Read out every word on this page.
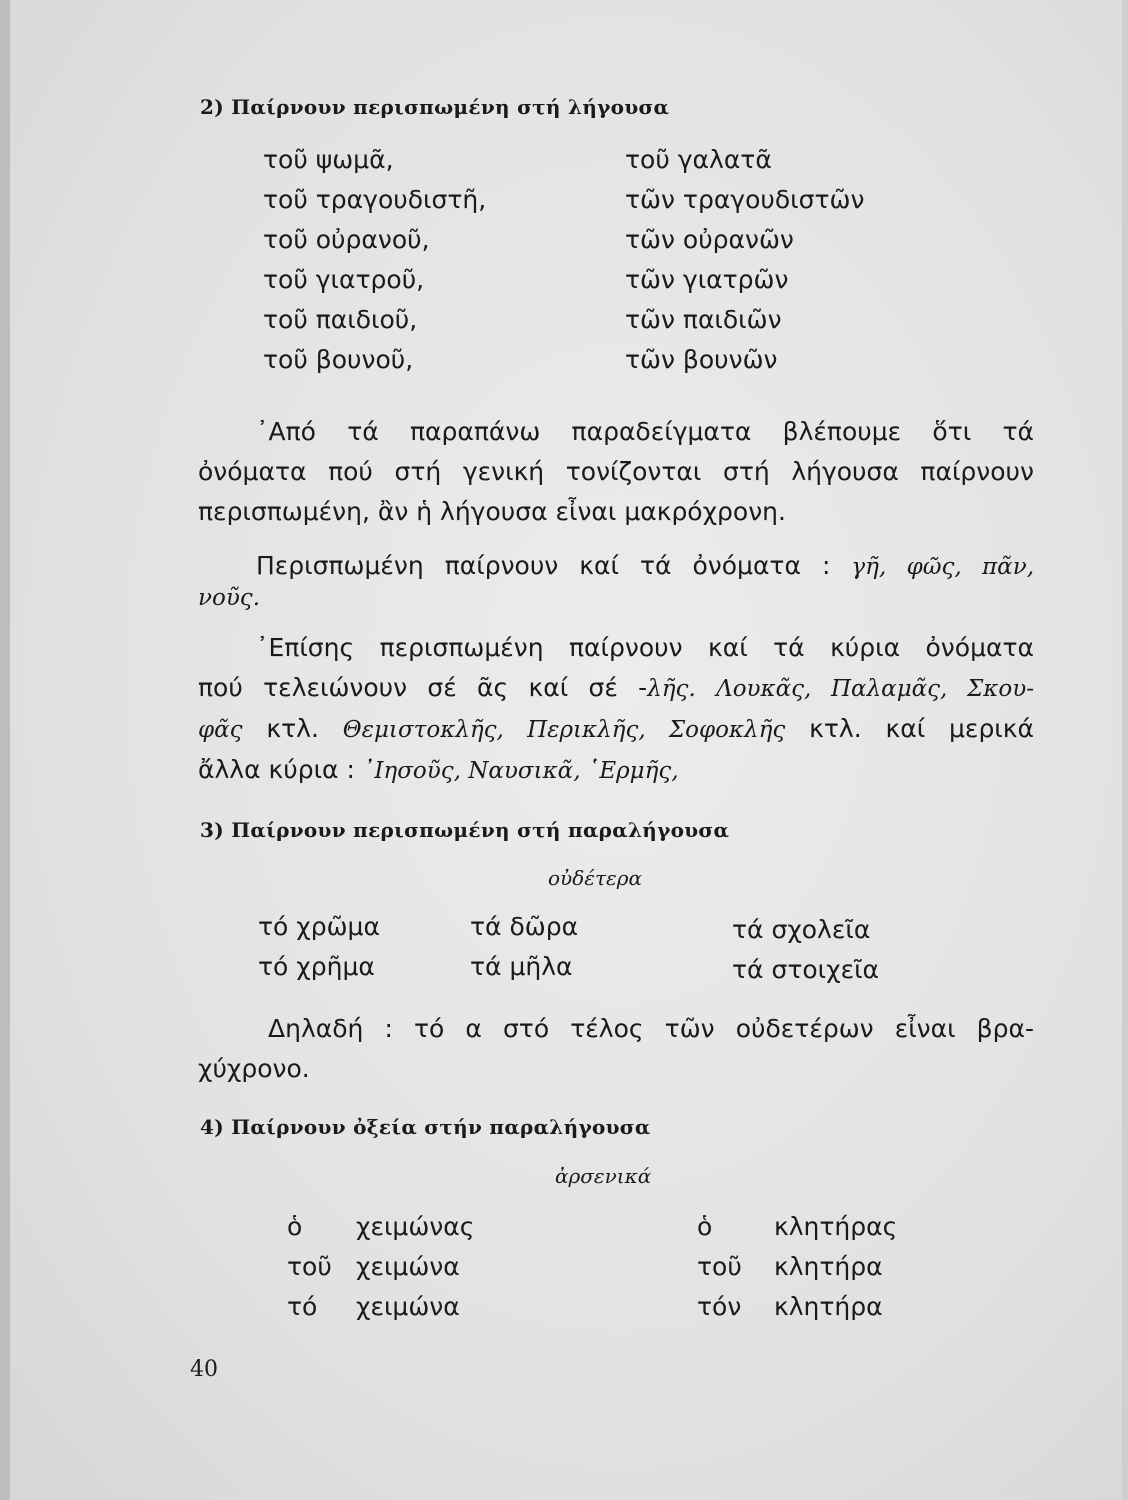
2) Παίρνουν περισπωμένη στή λήγουσα
τοῦ ψωμᾶ,
τοῦ τραγουδιστῆ,
τοῦ οὐρανοῦ,
τοῦ γιατροῦ,
τοῦ παιδιοῦ,
τοῦ βουνοῦ,
τοῦ γαλατᾶ
τῶν τραγουδιστῶν
τῶν οὐρανῶν
τῶν γιατρῶν
τῶν παιδιῶν
τῶν βουνῶν
᾿Από τά παραπάνω παραδείγματα βλέπουμε ὅτι τά
ὀνόματα πού στή γενική τονίζονται στή λήγουσα παίρνουν
περισπωμένη, ἂν ἡ λήγουσα εἶναι μακρόχρονη.
Περισπωμένη παίρνουν καί τά ὀνόματα : γῆ, φῶς, πᾶν,
νοῦς.
᾿Επίσης περισπωμένη παίρνουν καί τά κύρια ὀνόματα
πού τελειώνουν σέ ᾶς καί σέ -λῆς. Λουκᾶς, Παλαμᾶς, Σκου-
φᾶς κτλ. Θεμιστοκλῆς, Περικλῆς, Σοφοκλῆς κτλ. καί μερικά
ἄλλα κύρια : ᾿Ιησοῦς, Ναυσικᾶ, ῾Ερμῆς,
3) Παίρνουν περισπωμένη στή παραλήγουσα
οὐδέτερα
τό χρῶμα
τό χρῆμα
τά δῶρα
τά μῆλα
τά σχολεῖα
τά στοιχεῖα
Δηλαδή : τό α στό τέλος τῶν οὐδετέρων εἶναι βρα-
χύχρονο.
4) Παίρνουν ὀξεία στήν παραλήγουσα
ἀρσενικά
ὁ
τοῦ
τό
χειμώνας
χειμώνα
χειμώνα
ὁ
τοῦ
τόν
κλητήρας
κλητήρα
κλητήρα
40
